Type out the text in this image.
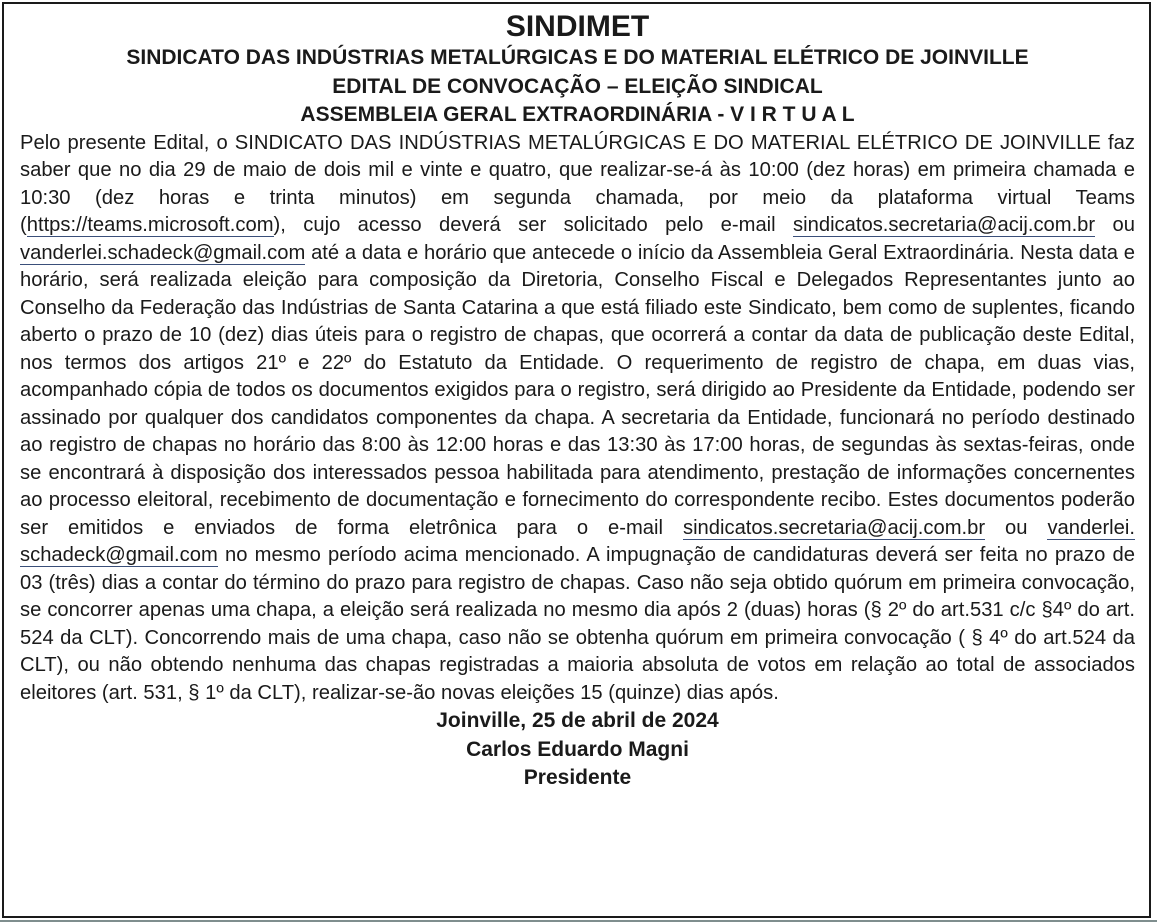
SINDIMET
SINDICATO DAS INDÚSTRIAS METALÚRGICAS E DO MATERIAL ELÉTRICO DE JOINVILLE
EDITAL DE CONVOCAÇÃO – ELEIÇÃO SINDICAL
ASSEMBLEIA GERAL EXTRAORDINÁRIA - V I R T U A L

Pelo presente Edital, o SINDICATO DAS INDÚSTRIAS METALÚRGICAS E DO MATERIAL ELÉTRICO DE JOINVILLE faz saber que no dia 29 de maio de dois mil e vinte e quatro, que realizar-se-á às 10:00 (dez horas) em primeira chamada e 10:30 (dez horas e trinta minutos) em segunda chamada, por meio da plataforma virtual Teams (https://teams.microsoft.com), cujo acesso deverá ser solicitado pelo e-mail sindicatos.secretaria@acij.com.br ou vanderlei.schadeck@gmail.com até a data e horário que antecede o início da Assembleia Geral Extraordinária. Nesta data e horário, será realizada eleição para composição da Diretoria, Conselho Fiscal e Delegados Representantes junto ao Conselho da Federação das Indústrias de Santa Catarina a que está filiado este Sindicato, bem como de suplentes, ficando aberto o prazo de 10 (dez) dias úteis para o registro de chapas, que ocorrerá a contar da data de publicação deste Edital, nos termos dos artigos 21º e 22º do Estatuto da Entidade. O requerimento de registro de chapa, em duas vias, acompanhado cópia de todos os documentos exigidos para o registro, será dirigido ao Presidente da Entidade, podendo ser assinado por qualquer dos candidatos componentes da chapa. A secretaria da Entidade, funcionará no período destinado ao registro de chapas no horário das 8:00 às 12:00 horas e das 13:30 às 17:00 horas, de segundas às sextas-feiras, onde se encontrará à disposição dos interessados pessoa habilitada para atendimento, prestação de informações concernentes ao processo eleitoral, recebimento de documentação e fornecimento do correspondente recibo. Estes documentos poderão ser emitidos e enviados de forma eletrônica para o e-mail sindicatos.secretaria@acij.com.br ou vanderlei. schadeck@gmail.com no mesmo período acima mencionado. A impugnação de candidaturas deverá ser feita no prazo de 03 (três) dias a contar do término do prazo para registro de chapas. Caso não seja obtido quórum em primeira convocação, se concorrer apenas uma chapa, a eleição será realizada no mesmo dia após 2 (duas) horas (§ 2º do art.531 c/c §4º do art. 524 da CLT). Concorrendo mais de uma chapa, caso não se obtenha quórum em primeira convocação ( § 4º do art.524 da CLT), ou não obtendo nenhuma das chapas registradas a maioria absoluta de votos em relação ao total de associados eleitores (art. 531, § 1º da CLT), realizar-se-ão novas eleições 15 (quinze) dias após.

Joinville, 25 de abril de 2024
Carlos Eduardo Magni
Presidente
